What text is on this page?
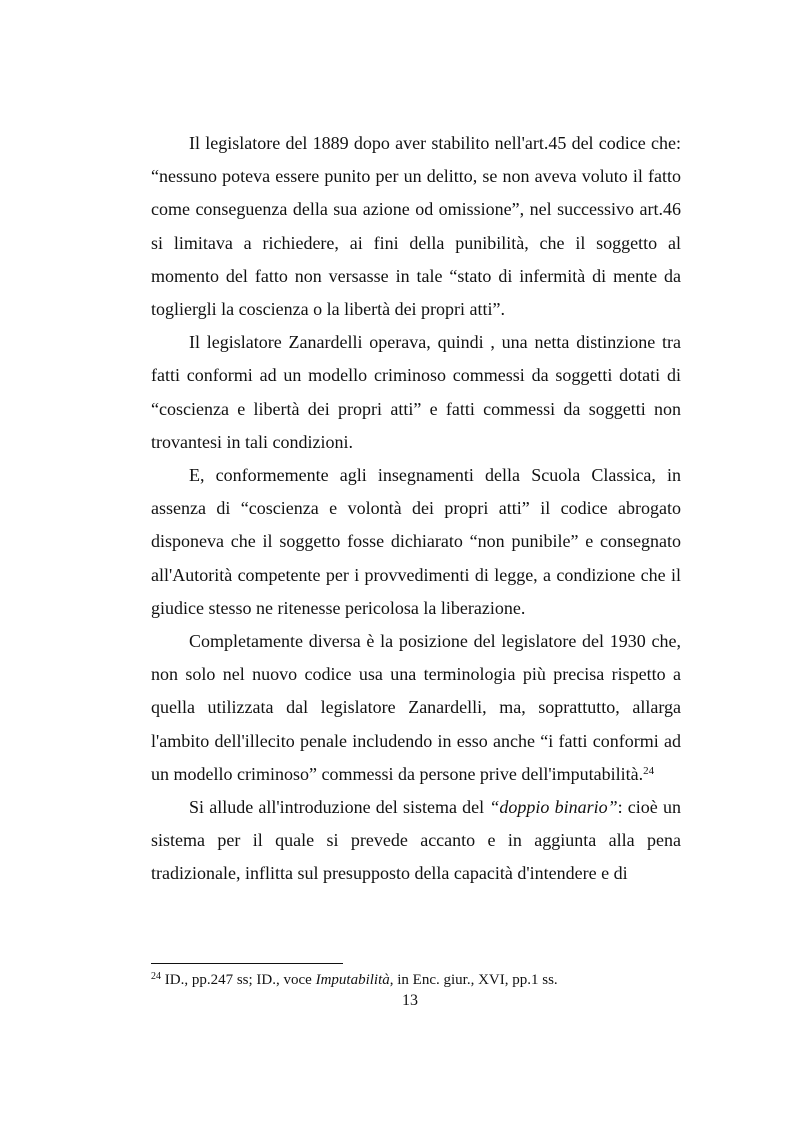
Il legislatore del 1889 dopo aver stabilito nell'art.45 del codice che: “nessuno poteva essere punito per un delitto, se non aveva voluto il fatto come conseguenza della sua azione od omissione”, nel successivo art.46 si limitava a richiedere, ai fini della punibilità, che il soggetto al momento del fatto non versasse in tale “stato di infermità di mente da togliergli la coscienza o la libertà dei propri atti”.

Il legislatore Zanardelli operava, quindi , una netta distinzione tra fatti conformi ad un modello criminoso commessi da soggetti dotati di “coscienza e libertà dei propri atti” e fatti commessi da soggetti non trovantesi in tali condizioni.

E, conformemente agli insegnamenti della Scuola Classica, in assenza di “coscienza e volontà dei propri atti” il codice abrogato disponeva che il soggetto fosse dichiarato “non punibile” e consegnato all'Autorità competente per i provvedimenti di legge, a condizione che il giudice stesso ne ritenesse pericolosa la liberazione.

Completamente diversa è la posizione del legislatore del 1930 che, non solo nel nuovo codice usa una terminologia più precisa rispetto a quella utilizzata dal legislatore Zanardelli, ma, soprattutto, allarga l'ambito dell'illecito penale includendo in esso anche “i fatti conformi ad un modello criminoso” commessi da persone prive dell'imputabilità.$^{24}$

Si allude all'introduzione del sistema del “doppio binario”: cioè un sistema per il quale si prevede accanto e in aggiunta alla pena tradizionale, inflitta sul presupposto della capacità d'intendere e di

$^{24}$ ID., pp.247 ss; ID., voce Imputabilità, in Enc. giur., XVI, pp.1 ss.

13
